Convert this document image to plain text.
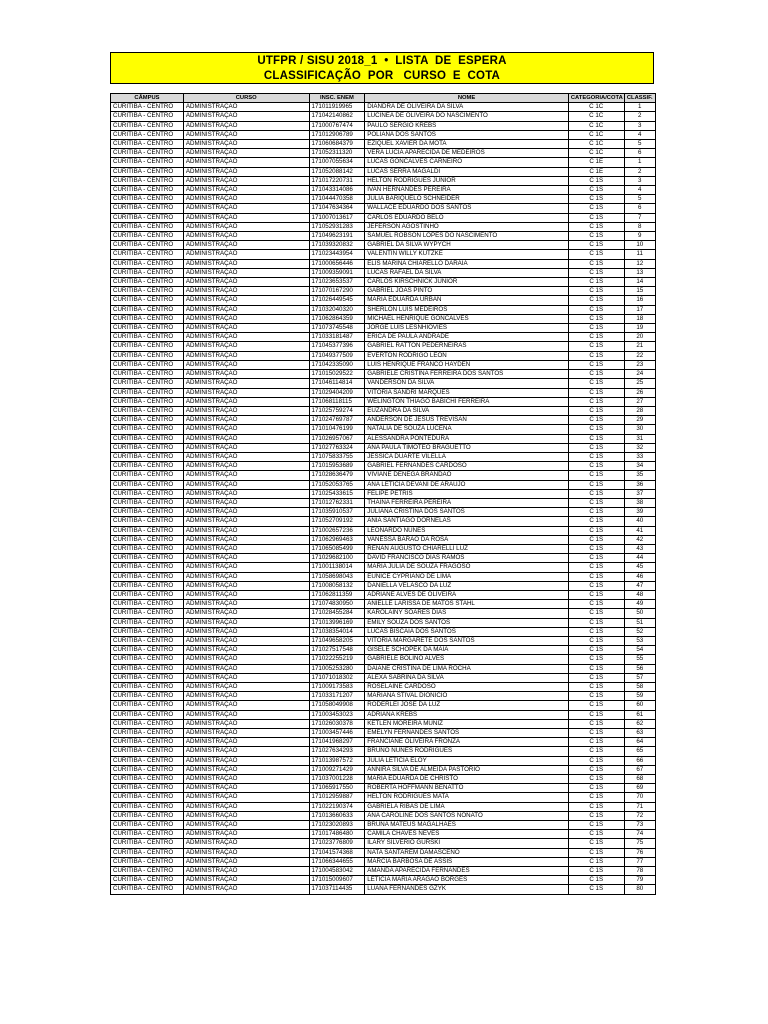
UTFPR / SISU 2018_1  •  LISTA  DE  ESPERA
CLASSIFICAÇÃO  POR   CURSO  E  COTA
CÂMPUS	CURSO	INSC. ENEM	NOME	CATEGORIA/COTA	CLASSIF.
CURITIBA - CENTRO	ADMINISTRAÇÃO	171011919965	DIANDRA DE OLIVEIRA DA SILVA	C 1C	1
CURITIBA - CENTRO	ADMINISTRAÇÃO	171042140862	LUCINEA DE OLIVEIRA DO NASCIMENTO	C 1C	2
CURITIBA - CENTRO	ADMINISTRAÇÃO	171000767474	PAULO SERGIO KREBS	C 1C	3
CURITIBA - CENTRO	ADMINISTRAÇÃO	171012906789	POLIANA DOS SANTOS	C 1C	4
CURITIBA - CENTRO	ADMINISTRAÇÃO	171060684379	EZIQUEL XAVIER DA MOTA	C 1C	5
CURITIBA - CENTRO	ADMINISTRAÇÃO	171052311320	VERA LUCIA APARECIDA DE MEDEIROS	C 1C	6
CURITIBA - CENTRO	ADMINISTRAÇÃO	171007055634	LUCAS GONCALVES CARNEIRO	C 1E	1
CURITIBA - CENTRO	ADMINISTRAÇÃO	171052088142	LUCAS SERRA MAGALDI	C 1E	2
CURITIBA - CENTRO	ADMINISTRAÇÃO	171017220731	HELTON RODRIGUES JUNIOR	C 1S	3
CURITIBA - CENTRO	ADMINISTRAÇÃO	171043314086	IVAN HERNANDES PEREIRA	C 1S	4
CURITIBA - CENTRO	ADMINISTRAÇÃO	171044470358	JULIA BARIQUELO SCHNEIDER	C 1S	5
CURITIBA - CENTRO	ADMINISTRAÇÃO	171047634364	WALLACE EDUARDO DOS SANTOS	C 1S	6
CURITIBA - CENTRO	ADMINISTRAÇÃO	171007013617	CARLOS EDUARDO BELO	C 1S	7
CURITIBA - CENTRO	ADMINISTRAÇÃO	171052931283	JEFERSON AGOSTINHO	C 1S	8
CURITIBA - CENTRO	ADMINISTRAÇÃO	171049623191	SAMUEL ROBSON LOPES DO NASCIMENTO	C 1S	9
CURITIBA - CENTRO	ADMINISTRAÇÃO	171039320832	GABRIEL DA SILVA WYPYCH	C 1S	10
CURITIBA - CENTRO	ADMINISTRAÇÃO	171023443954	VALENTIN WILLY KUTZKE	C 1S	11
CURITIBA - CENTRO	ADMINISTRAÇÃO	171000656446	ELIS MARINA CHIARELLO DARAIA	C 1S	12
CURITIBA - CENTRO	ADMINISTRAÇÃO	171009359091	LUCAS RAFAEL DA SILVA	C 1S	13
CURITIBA - CENTRO	ADMINISTRAÇÃO	171023653537	CARLOS KIRSCHNICK JUNIOR	C 1S	14
CURITIBA - CENTRO	ADMINISTRAÇÃO	171070167290	GABRIEL JOAS PINTO	C 1S	15
CURITIBA - CENTRO	ADMINISTRAÇÃO	171026449545	MARIA EDUARDA URBAN	C 1S	16
CURITIBA - CENTRO	ADMINISTRAÇÃO	171032040320	SHERLON LUIS MEDEIROS	C 1S	17
CURITIBA - CENTRO	ADMINISTRAÇÃO	171062864359	MICHAEL HENRIQUE GONCALVES	C 1S	18
CURITIBA - CENTRO	ADMINISTRAÇÃO	171073745548	JORGE LUIS LESNHIOVIES	C 1S	19
CURITIBA - CENTRO	ADMINISTRAÇÃO	171033181487	ERICA DE PAULA ANDRADE	C 1S	20
CURITIBA - CENTRO	ADMINISTRAÇÃO	171045377396	GABRIEL RATTON PEDERNEIRAS	C 1S	21
CURITIBA - CENTRO	ADMINISTRAÇÃO	171049377509	EVERTON RODRIGO LEON	C 1S	22
CURITIBA - CENTRO	ADMINISTRAÇÃO	171042335090	LUIS HENRIQUE FRANCO HAYDEN	C 1S	23
CURITIBA - CENTRO	ADMINISTRAÇÃO	171015029522	GABRIELE CRISTINA FERREIRA DOS SANTOS	C 1S	24
CURITIBA - CENTRO	ADMINISTRAÇÃO	171046114814	VANDERSON DA SILVA	C 1S	25
CURITIBA - CENTRO	ADMINISTRAÇÃO	171029404209	VITORIA SANDRI MARQUES	C 1S	26
CURITIBA - CENTRO	ADMINISTRAÇÃO	171068118115	WELINGTON THIAGO BABICHI FERREIRA	C 1S	27
CURITIBA - CENTRO	ADMINISTRAÇÃO	171025759274	EUZANDRA DA SILVA	C 1S	28
CURITIBA - CENTRO	ADMINISTRAÇÃO	171024769787	ANDERSON DE JESUS TREVISAN	C 1S	29
CURITIBA - CENTRO	ADMINISTRAÇÃO	171010476199	NATALIA DE SOUZA LUCENA	C 1S	30
CURITIBA - CENTRO	ADMINISTRAÇÃO	171026957067	ALESSANDRA PONTEDURA	C 1S	31
CURITIBA - CENTRO	ADMINISTRAÇÃO	171027763324	ANA PAULA TIMOTEO BRAGUETTO	C 1S	32
CURITIBA - CENTRO	ADMINISTRAÇÃO	171075833755	JESSICA DUARTE VILELLA	C 1S	33
CURITIBA - CENTRO	ADMINISTRAÇÃO	171015953689	GABRIEL FERNANDES CARDOSO	C 1S	34
CURITIBA - CENTRO	ADMINISTRAÇÃO	171028636479	VIVIANE DENEGA BRANDAO	C 1S	35
CURITIBA - CENTRO	ADMINISTRAÇÃO	171052053765	ANA LETICIA DEVANI DE ARAUJO	C 1S	36
CURITIBA - CENTRO	ADMINISTRAÇÃO	171025433615	FELIPE PETRIS	C 1S	37
CURITIBA - CENTRO	ADMINISTRAÇÃO	171012762331	THAINA FERREIRA PEREIRA	C 1S	38
CURITIBA - CENTRO	ADMINISTRAÇÃO	171035910537	JULIANA CRISTINA DOS SANTOS	C 1S	39
CURITIBA - CENTRO	ADMINISTRAÇÃO	171052709192	ANIA SANTIAGO DORNELAS	C 1S	40
CURITIBA - CENTRO	ADMINISTRAÇÃO	171002657236	LEONARDO NUNES	C 1S	41
CURITIBA - CENTRO	ADMINISTRAÇÃO	171062969463	VANESSA BARAO DA ROSA	C 1S	42
CURITIBA - CENTRO	ADMINISTRAÇÃO	171065085499	RENAN AUGUSTO CHIARELLI LUZ	C 1S	43
CURITIBA - CENTRO	ADMINISTRAÇÃO	171029682100	DAVID FRANCISCO DIAS RAMOS	C 1S	44
CURITIBA - CENTRO	ADMINISTRAÇÃO	171001138014	MARIA JULIA DE SOUZA FRAGOSO	C 1S	45
CURITIBA - CENTRO	ADMINISTRAÇÃO	171058698043	EUNICE CYPRIANO DE LIMA	C 1S	46
CURITIBA - CENTRO	ADMINISTRAÇÃO	171008058132	DANIELLA VELASCO DA LUZ	C 1S	47
CURITIBA - CENTRO	ADMINISTRAÇÃO	171062811359	ADRIANE ALVES DE OLIVEIRA	C 1S	48
CURITIBA - CENTRO	ADMINISTRAÇÃO	171074830950	ANIELLE LARISSA DE MATOS STAHL	C 1S	49
CURITIBA - CENTRO	ADMINISTRAÇÃO	171028455284	KAROLAINY SOARES DIAS	C 1S	50
CURITIBA - CENTRO	ADMINISTRAÇÃO	171013996169	EMILY SOUZA DOS SANTOS	C 1S	51
CURITIBA - CENTRO	ADMINISTRAÇÃO	171038354014	LUCAS BISCAIA DOS SANTOS	C 1S	52
CURITIBA - CENTRO	ADMINISTRAÇÃO	171049658205	VITORIA MARGARETE DOS SANTOS	C 1S	53
CURITIBA - CENTRO	ADMINISTRAÇÃO	171027517548	GISELE SCHOPEK DA MAIA	C 1S	54
CURITIBA - CENTRO	ADMINISTRAÇÃO	171022255219	GABRIELE BOLINO ALVES	C 1S	55
CURITIBA - CENTRO	ADMINISTRAÇÃO	171005253280	DAIANE CRISTINA DE LIMA ROCHA	C 1S	56
CURITIBA - CENTRO	ADMINISTRAÇÃO	171071018302	ALEXA SABRINA DA SILVA	C 1S	57
CURITIBA - CENTRO	ADMINISTRAÇÃO	171009173583	ROSELAINE CARDOSO	C 1S	58
CURITIBA - CENTRO	ADMINISTRAÇÃO	171033171207	MARIANA STIVAL DIONICIO	C 1S	59
CURITIBA - CENTRO	ADMINISTRAÇÃO	171058049908	RODERLEI JOSE DA LUZ	C 1S	60
CURITIBA - CENTRO	ADMINISTRAÇÃO	171003453023	ADRIANA KREBS	C 1S	61
CURITIBA - CENTRO	ADMINISTRAÇÃO	171026030378	KETLEN MOREIRA MUNIZ	C 1S	62
CURITIBA - CENTRO	ADMINISTRAÇÃO	171003457446	EMELYN FERNANDES SANTOS	C 1S	63
CURITIBA - CENTRO	ADMINISTRAÇÃO	171041968297	FRANCIANE OLIVEIRA FRONZA	C 1S	64
CURITIBA - CENTRO	ADMINISTRAÇÃO	171027634293	BRUNO NUNES RODRIGUES	C 1S	65
CURITIBA - CENTRO	ADMINISTRAÇÃO	171013987572	JULIA LETICIA ELOY	C 1S	66
CURITIBA - CENTRO	ADMINISTRAÇÃO	171009271429	ANNIRA SILVA DE ALMEIDA PASTORIO	C 1S	67
CURITIBA - CENTRO	ADMINISTRAÇÃO	171037001228	MARIA EDUARDA DE CHRISTO	C 1S	68
CURITIBA - CENTRO	ADMINISTRAÇÃO	171065917550	ROBERTA HOFFMANN BENATTO	C 1S	69
CURITIBA - CENTRO	ADMINISTRAÇÃO	171012959887	HELTON RODRIGUES MATA	C 1S	70
CURITIBA - CENTRO	ADMINISTRAÇÃO	171022190374	GABRIELA RIBAS DE LIMA	C 1S	71
CURITIBA - CENTRO	ADMINISTRAÇÃO	171013660633	ANA CAROLINE DOS SANTOS NONATO	C 1S	72
CURITIBA - CENTRO	ADMINISTRAÇÃO	171023020893	BRUNA MATEUS MAGALHAES	C 1S	73
CURITIBA - CENTRO	ADMINISTRAÇÃO	171017486480	CAMILA CHAVES NEVES	C 1S	74
CURITIBA - CENTRO	ADMINISTRAÇÃO	171023776809	ILARY SILVERIO GURSKI	C 1S	75
CURITIBA - CENTRO	ADMINISTRAÇÃO	171041574368	NATA SANTAREM DAMASCENO	C 1S	76
CURITIBA - CENTRO	ADMINISTRAÇÃO	171066344655	MARCIA BARBOSA DE ASSIS	C 1S	77
CURITIBA - CENTRO	ADMINISTRAÇÃO	171004583042	AMANDA APARECIDA FERNANDES	C 1S	78
CURITIBA - CENTRO	ADMINISTRAÇÃO	171015009607	LETICIA MARIA ARAGAO BORGES	C 1S	79
CURITIBA - CENTRO	ADMINISTRAÇÃO	171037114435	LUANA FERNANDES GZYK	C 1S	80
